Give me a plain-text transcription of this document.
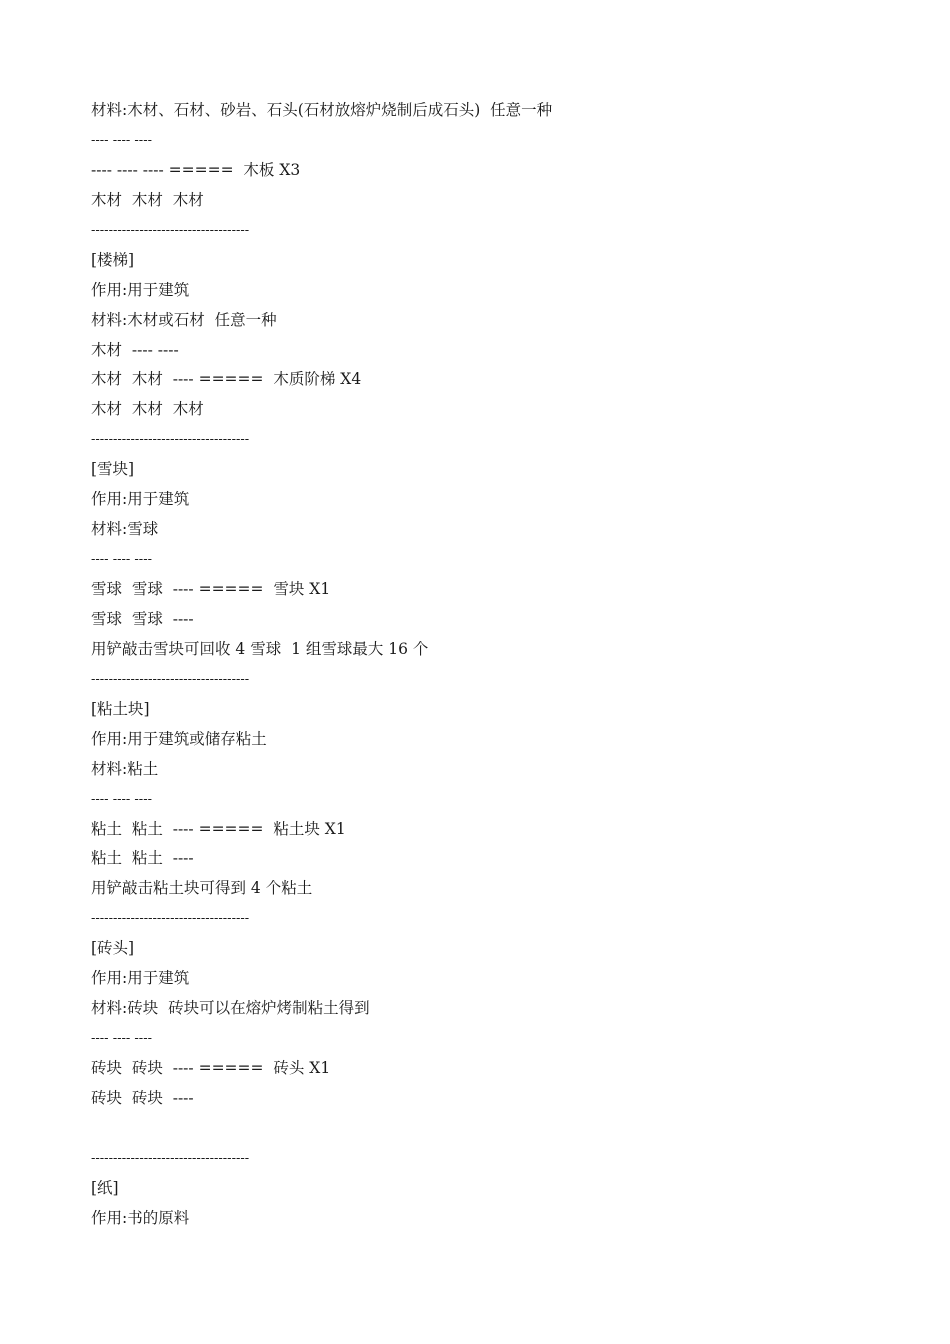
材料:木材、石材、砂岩、石头(石材放熔炉烧制后成石头)  任意一种
---- ---- ----
---- ---- ---- =====  木板 X3
木材  木材  木材
------------------------------------
[楼梯]
作用:用于建筑
材料:木材或石材  任意一种
木材  ---- ----
木材  木材  ---- =====  木质阶梯 X4
木材  木材  木材
------------------------------------
[雪块]
作用:用于建筑
材料:雪球
---- ---- ----
雪球  雪球  ---- =====  雪块 X1
雪球  雪球  ----
用铲敲击雪块可回收 4 雪球  1 组雪球最大 16 个
------------------------------------
[粘土块]
作用:用于建筑或储存粘土
材料:粘土
---- ---- ----
粘土  粘土  ---- =====  粘土块 X1
粘土  粘土  ----
用铲敲击粘土块可得到 4 个粘土
------------------------------------
[砖头]
作用:用于建筑
材料:砖块  砖块可以在熔炉烤制粘土得到
---- ---- ----
砖块  砖块  ---- =====  砖头 X1
砖块  砖块  ----
------------------------------------
[纸]
作用:书的原料
